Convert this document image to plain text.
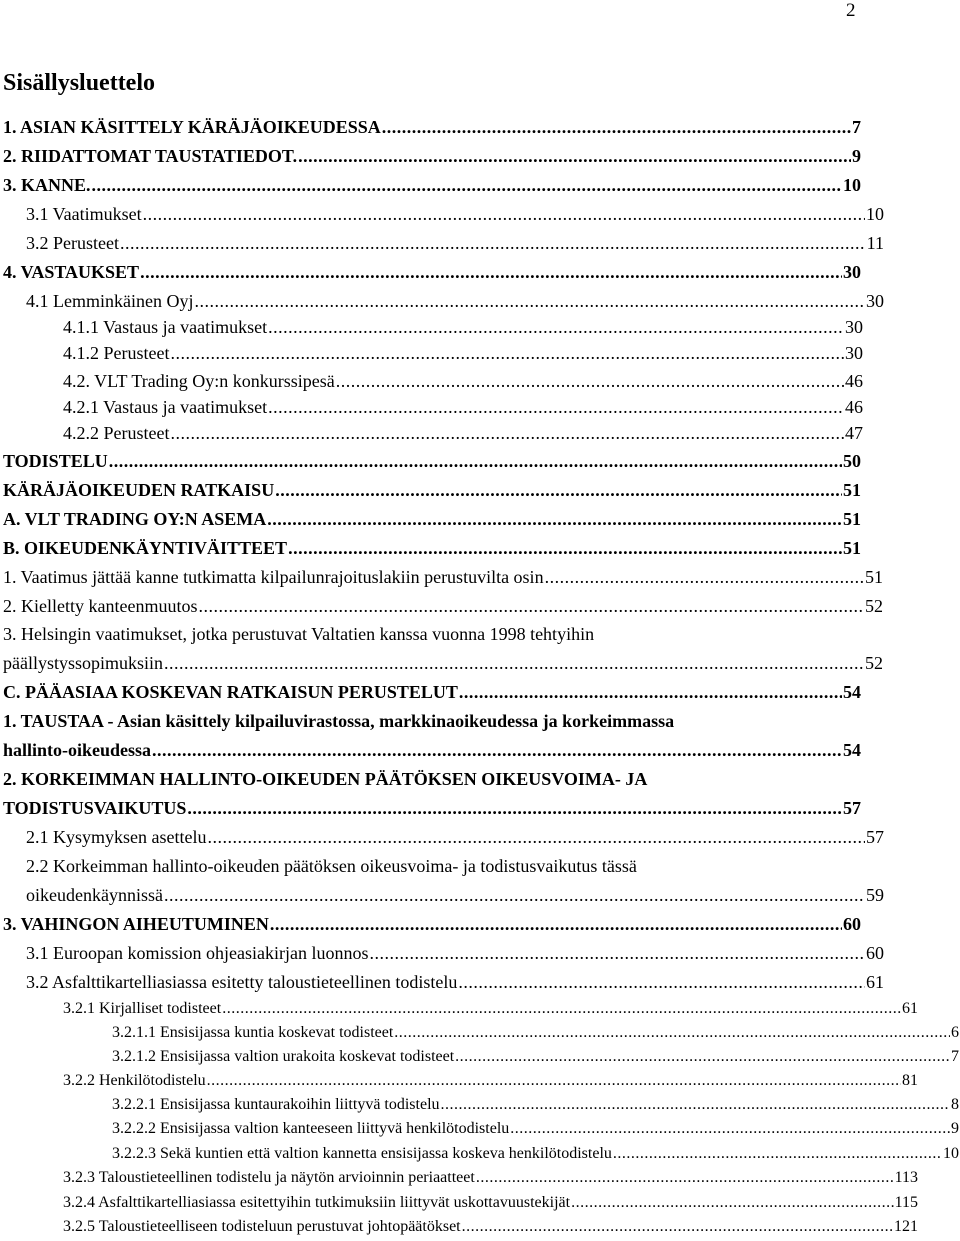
2
Sisällysluettelo
1. ASIAN KÄSITTELY KÄRÄJÄOIKEUDESSA .....	7
2. RIIDATTOMAT TAUSTATIEDOT. .....	9
3. KANNE. .....	10
3.1 Vaatimukset .....	10
3.2 Perusteet .....	11
4. VASTAUKSET .....	30
4.1 Lemminkäinen Oyj .....	30
4.1.1 Vastaus ja vaatimukset .....	30
4.1.2 Perusteet .....	30
4.2. VLT Trading Oy:n konkurssipesä .....	46
4.2.1 Vastaus ja vaatimukset .....	46
4.2.2 Perusteet .....	47
TODISTELU .....	50
KÄRÄJÄOIKEUDEN RATKAISU .....	51
A. VLT TRADING OY:N ASEMA .....	51
B. OIKEUDENKÄYNTIVÄITTEET .....	51
1. Vaatimus jättää kanne tutkimatta kilpailunrajoituslakiin perustuvilta osin .....	51
2. Kielletty kanteenmuutos .....	52
3. Helsingin vaatimukset, jotka perustuvat Valtatien kanssa vuonna 1998 tehtyihin
päällystyssopimuksiin .....	52
C. PÄÄASIAA KOSKEVAN RATKAISUN PERUSTELUT .....	54
1. TAUSTAA - Asian käsittely kilpailuvirastossa, markkinaoikeudessa ja korkeimmassa
hallinto-oikeudessa .....	54
2. KORKEIMMAN HALLINTO-OIKEUDEN PÄÄTÖKSEN OIKEUSVOIMA- JA
TODISTUSVAIKUTUS .....	57
2.1 Kysymyksen asettelu .....	57
2.2 Korkeimman hallinto-oikeuden päätöksen oikeusvoima- ja todistusvaikutus tässä
oikeudenkäynnissä .....	59
3. VAHINGON AIHEUTUMINEN .....	60
3.1 Euroopan komission ohjeasiakirjan luonnos .....	60
3.2 Asfalttikartelliasiassa esitetty taloustieteellinen todistelu .....	61
3.2.1 Kirjalliset todisteet .....	61
3.2.1.1 Ensisijassa kuntia koskevat todisteet .....	6
3.2.1.2 Ensisijassa valtion urakoita koskevat todisteet .....	7
3.2.2 Henkilötodistelu .....	81
3.2.2.1 Ensisijassa kuntaurakoihin liittyvä todistelu .....	8
3.2.2.2 Ensisijassa valtion kanteeseen liittyvä henkilötodistelu .....	9
3.2.2.3 Sekä kuntien että valtion kannetta ensisijassa koskeva henkilötodistelu .....	10
3.2.3 Taloustieteellinen todistelu ja näytön arvioinnin periaatteet .....	113
3.2.4 Asfalttikartelliasiassa esitettyihin tutkimuksiin liittyvät uskottavuustekijät .....	115
3.2.5 Taloustieteelliseen todisteluun perustuvat johtopäätökset .....	121
